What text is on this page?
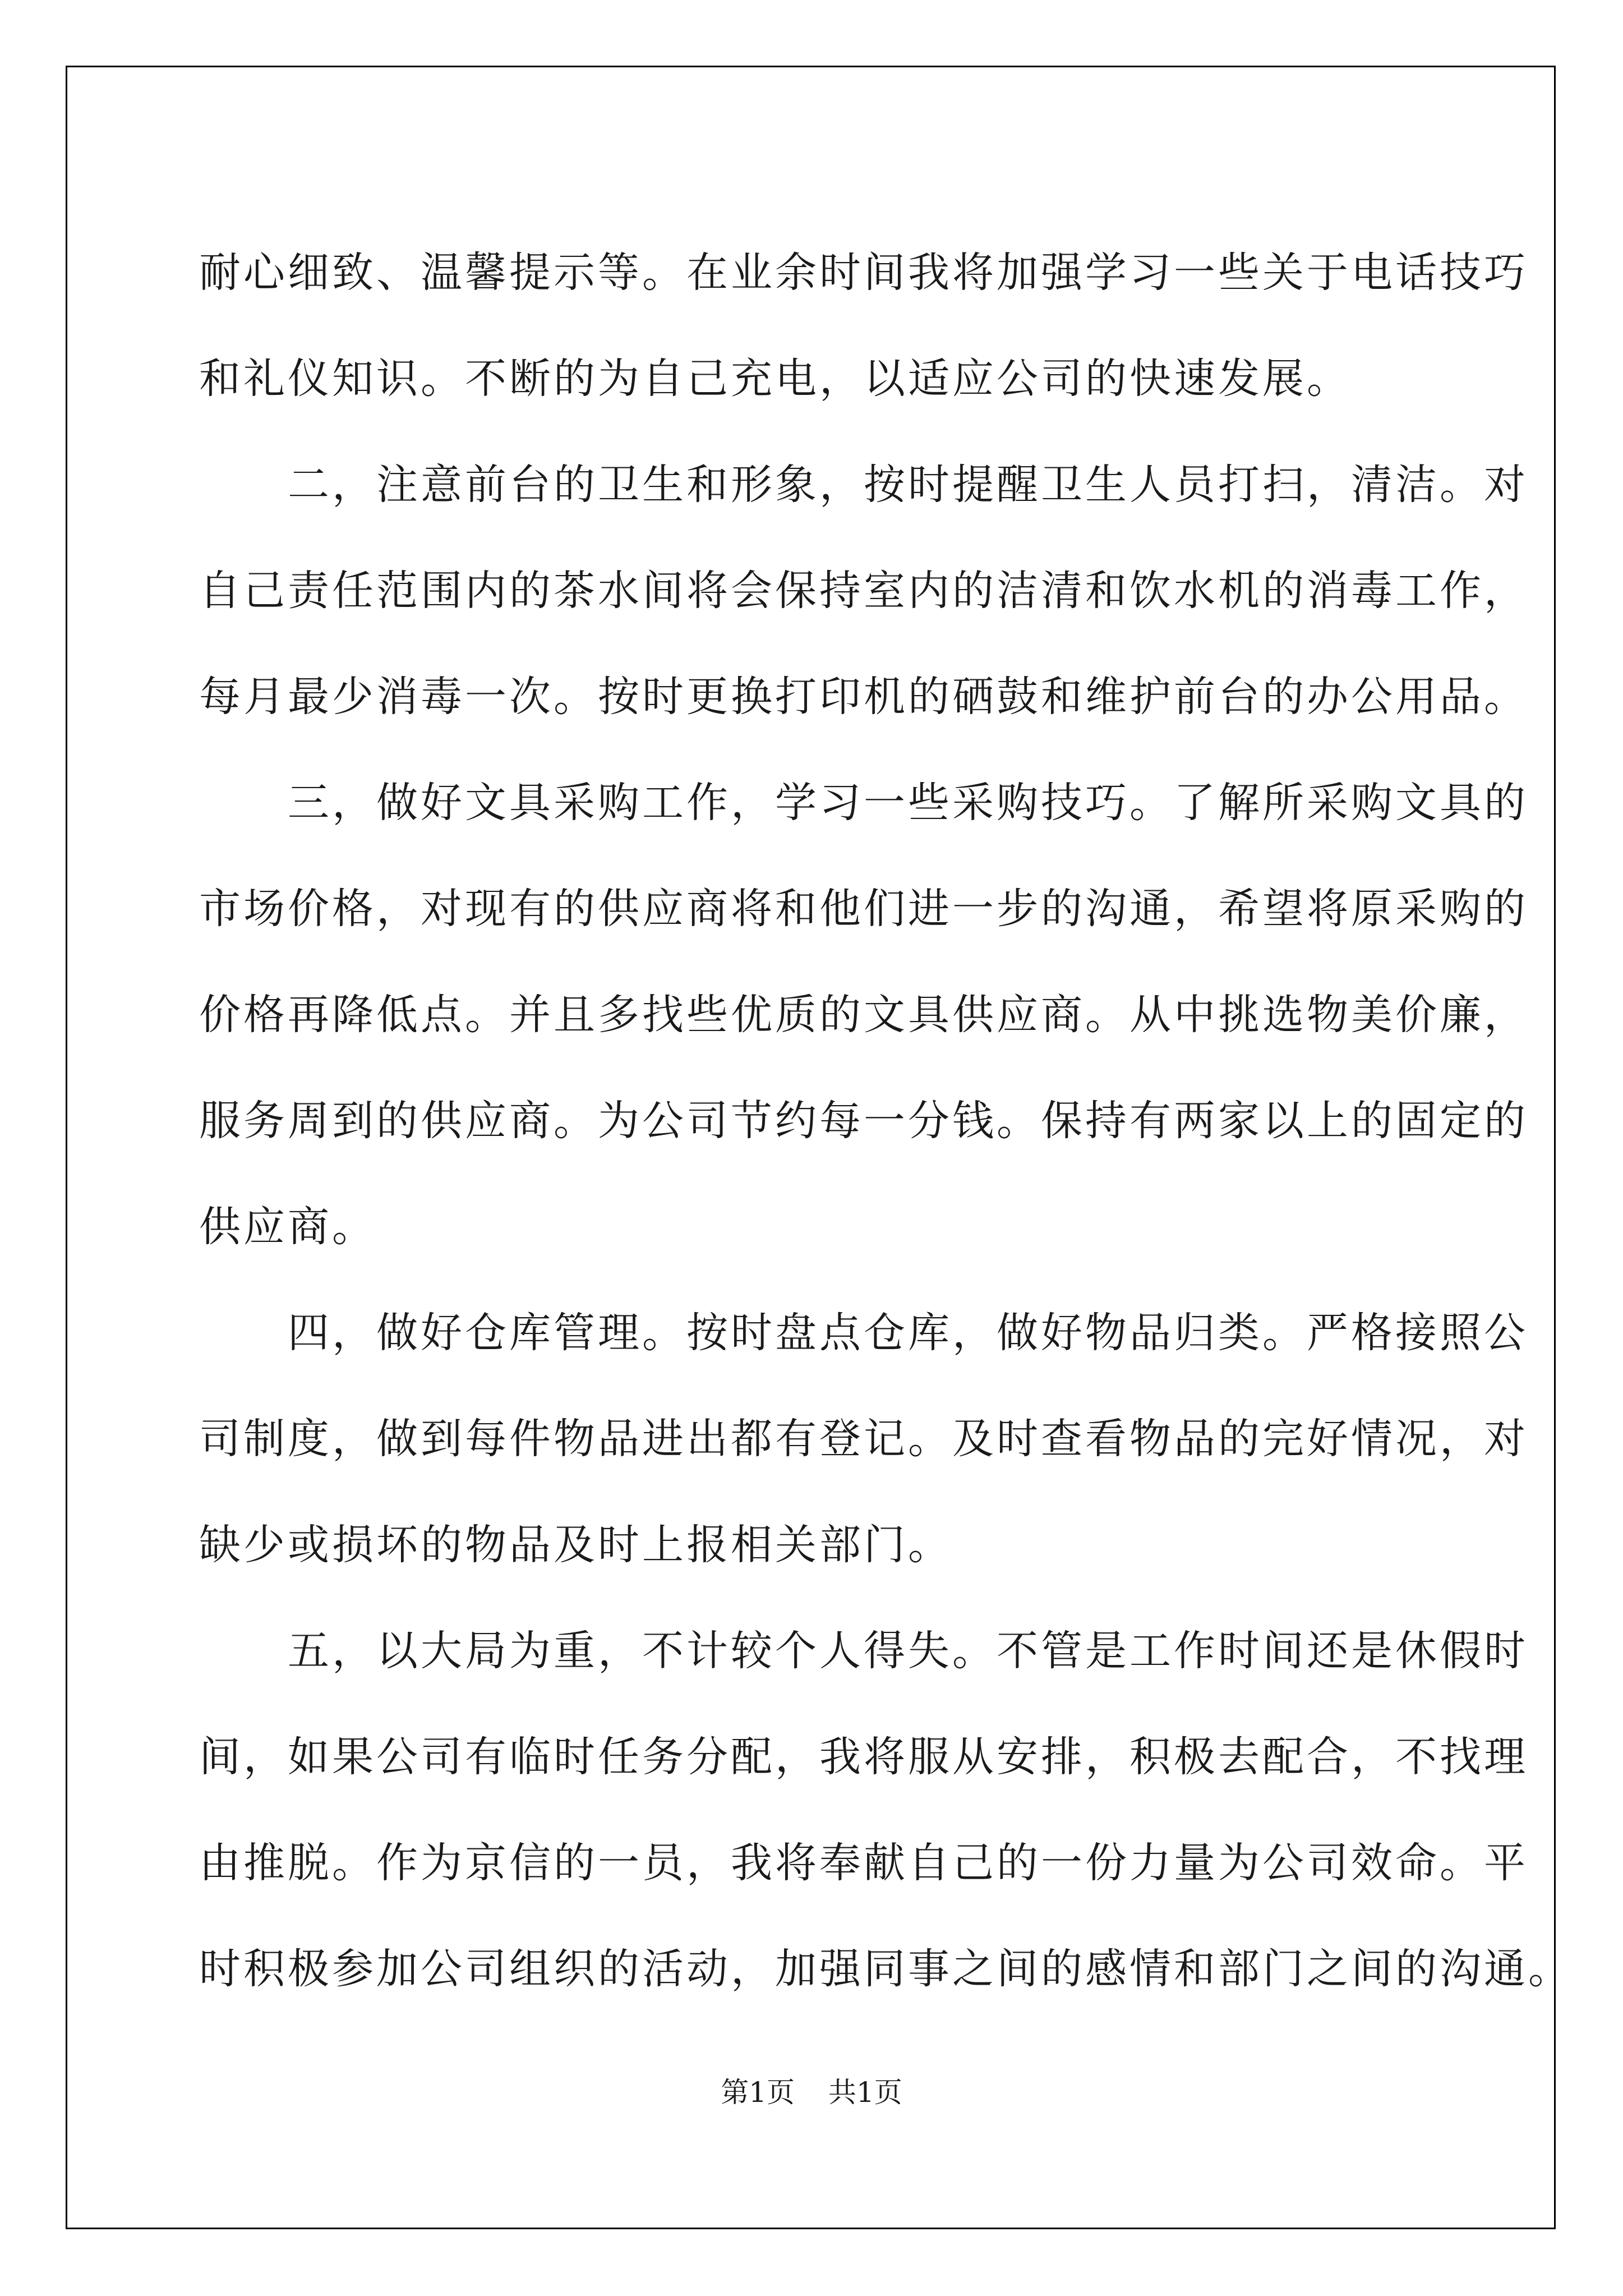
耐心细致、温馨提示等。在业余时间我将加强学习一些关于电话技巧
和礼仪知识。不断的为自己充电，以适应公司的快速发展。
　　二，注意前台的卫生和形象，按时提醒卫生人员打扫，清洁。对
自己责任范围内的茶水间将会保持室内的洁清和饮水机的消毒工作，
每月最少消毒一次。按时更换打印机的硒鼓和维护前台的办公用品。
　　三，做好文具采购工作，学习一些采购技巧。了解所采购文具的
市场价格，对现有的供应商将和他们进一步的沟通，希望将原采购的
价格再降低点。并且多找些优质的文具供应商。从中挑选物美价廉，
服务周到的供应商。为公司节约每一分钱。保持有两家以上的固定的
供应商。
　　四，做好仓库管理。按时盘点仓库，做好物品归类。严格接照公
司制度，做到每件物品进出都有登记。及时查看物品的完好情况，对
缺少或损坏的物品及时上报相关部门。
　　五，以大局为重，不计较个人得失。不管是工作时间还是休假时
间，如果公司有临时任务分配，我将服从安排，积极去配合，不找理
由推脱。作为京信的一员，我将奉献自己的一份力量为公司效命。平
时积极参加公司组织的活动，加强同事之间的感情和部门之间的沟通。
第1页 共1页
